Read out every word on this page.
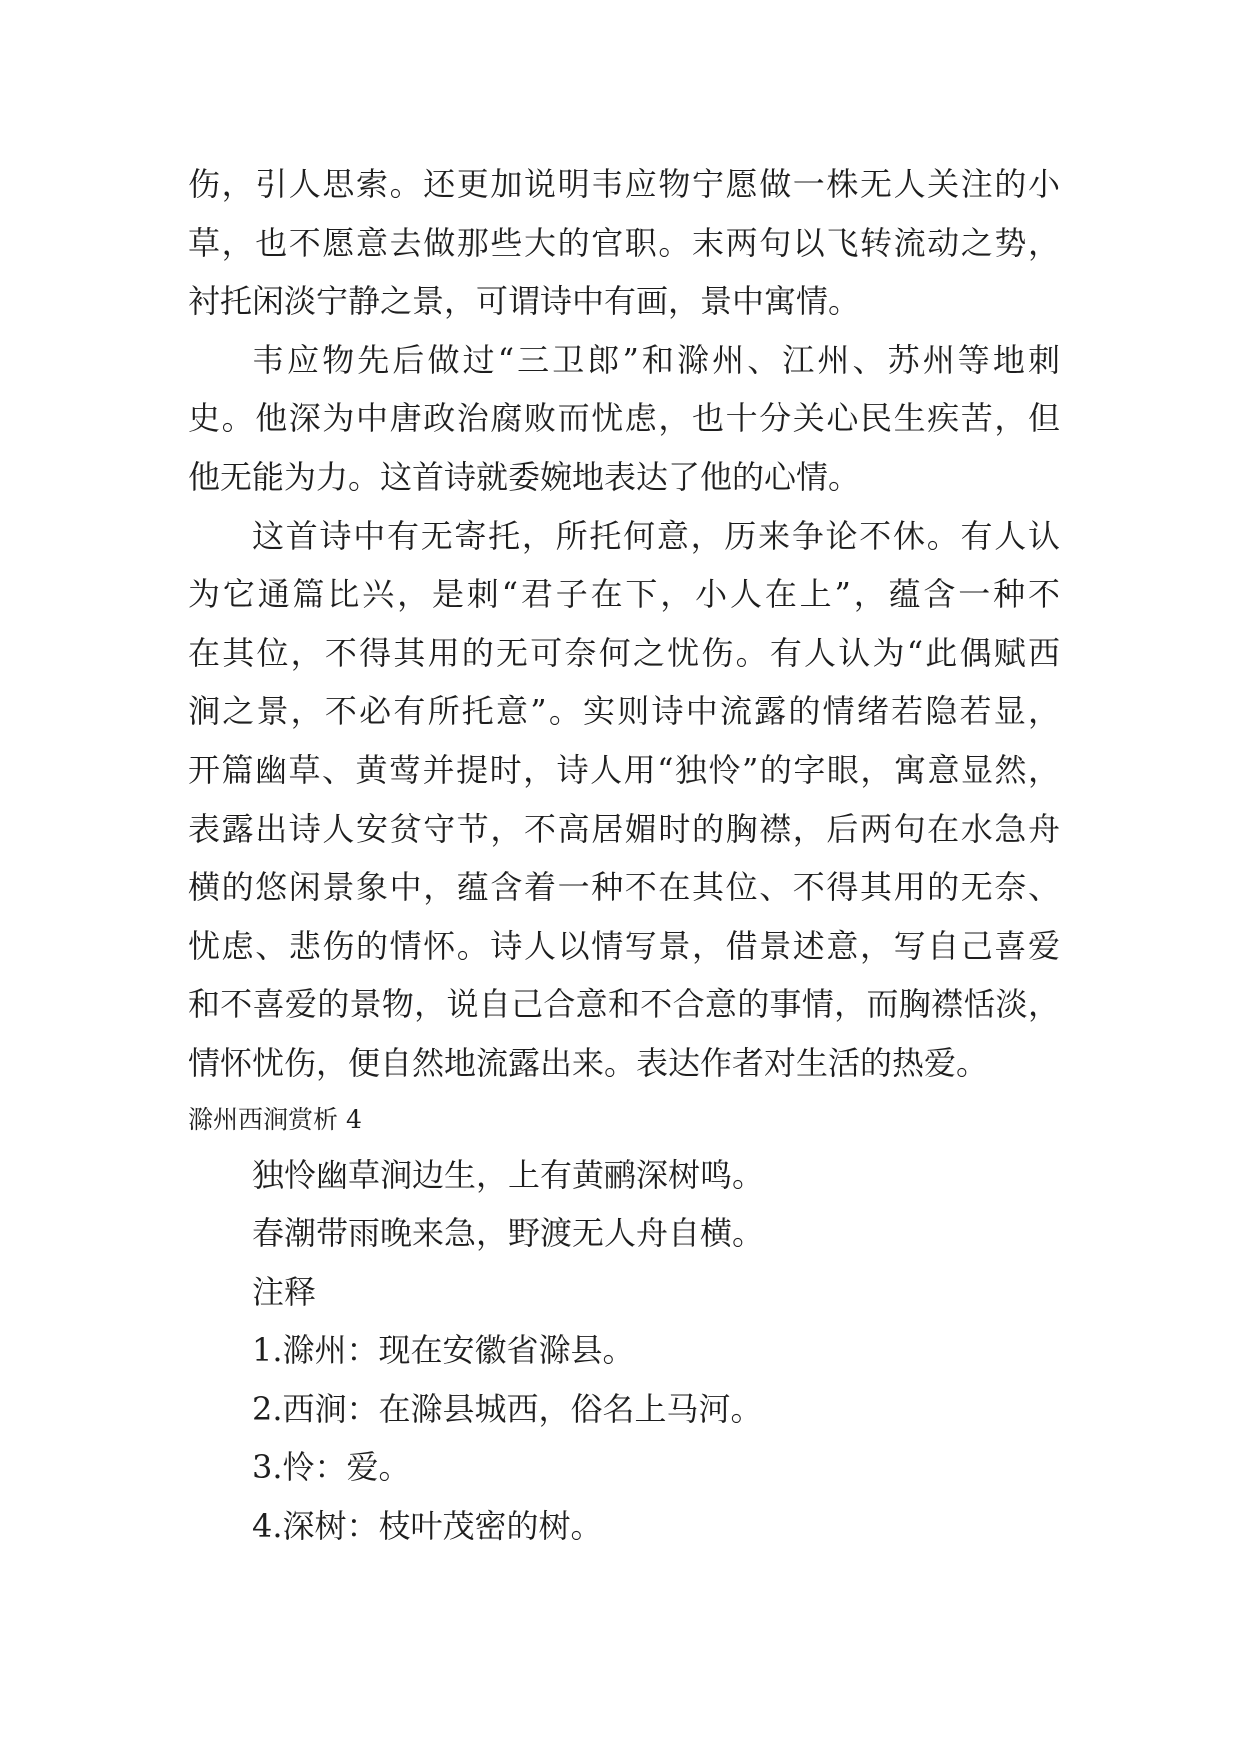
伤，引人思索。还更加说明韦应物宁愿做一株无人关注的小
草，也不愿意去做那些大的官职。末两句以飞转流动之势，
衬托闲淡宁静之景，可谓诗中有画，景中寓情。
韦应物先后做过“三卫郎”和滁州、江州、苏州等地刺
史。他深为中唐政治腐败而忧虑，也十分关心民生疾苦，但
他无能为力。这首诗就委婉地表达了他的心情。
这首诗中有无寄托，所托何意，历来争论不休。有人认
为它通篇比兴，是刺“君子在下，小人在上”，蕴含一种不
在其位，不得其用的无可奈何之忧伤。有人认为“此偶赋西
涧之景，不必有所托意”。实则诗中流露的情绪若隐若显，
开篇幽草、黄莺并提时，诗人用“独怜”的字眼，寓意显然，
表露出诗人安贫守节，不高居媚时的胸襟，后两句在水急舟
横的悠闲景象中，蕴含着一种不在其位、不得其用的无奈、
忧虑、悲伤的情怀。诗人以情写景，借景述意，写自己喜爱
和不喜爱的景物，说自己合意和不合意的事情，而胸襟恬淡，
情怀忧伤，便自然地流露出来。表达作者对生活的热爱。
滁州西涧赏析 4
独怜幽草涧边生，上有黄鹂深树鸣。
春潮带雨晚来急，野渡无人舟自横。
注释
1.滁州：现在安徽省滁县。
2.西涧：在滁县城西，俗名上马河。
3.怜：爱。
4.深树：枝叶茂密的树。
